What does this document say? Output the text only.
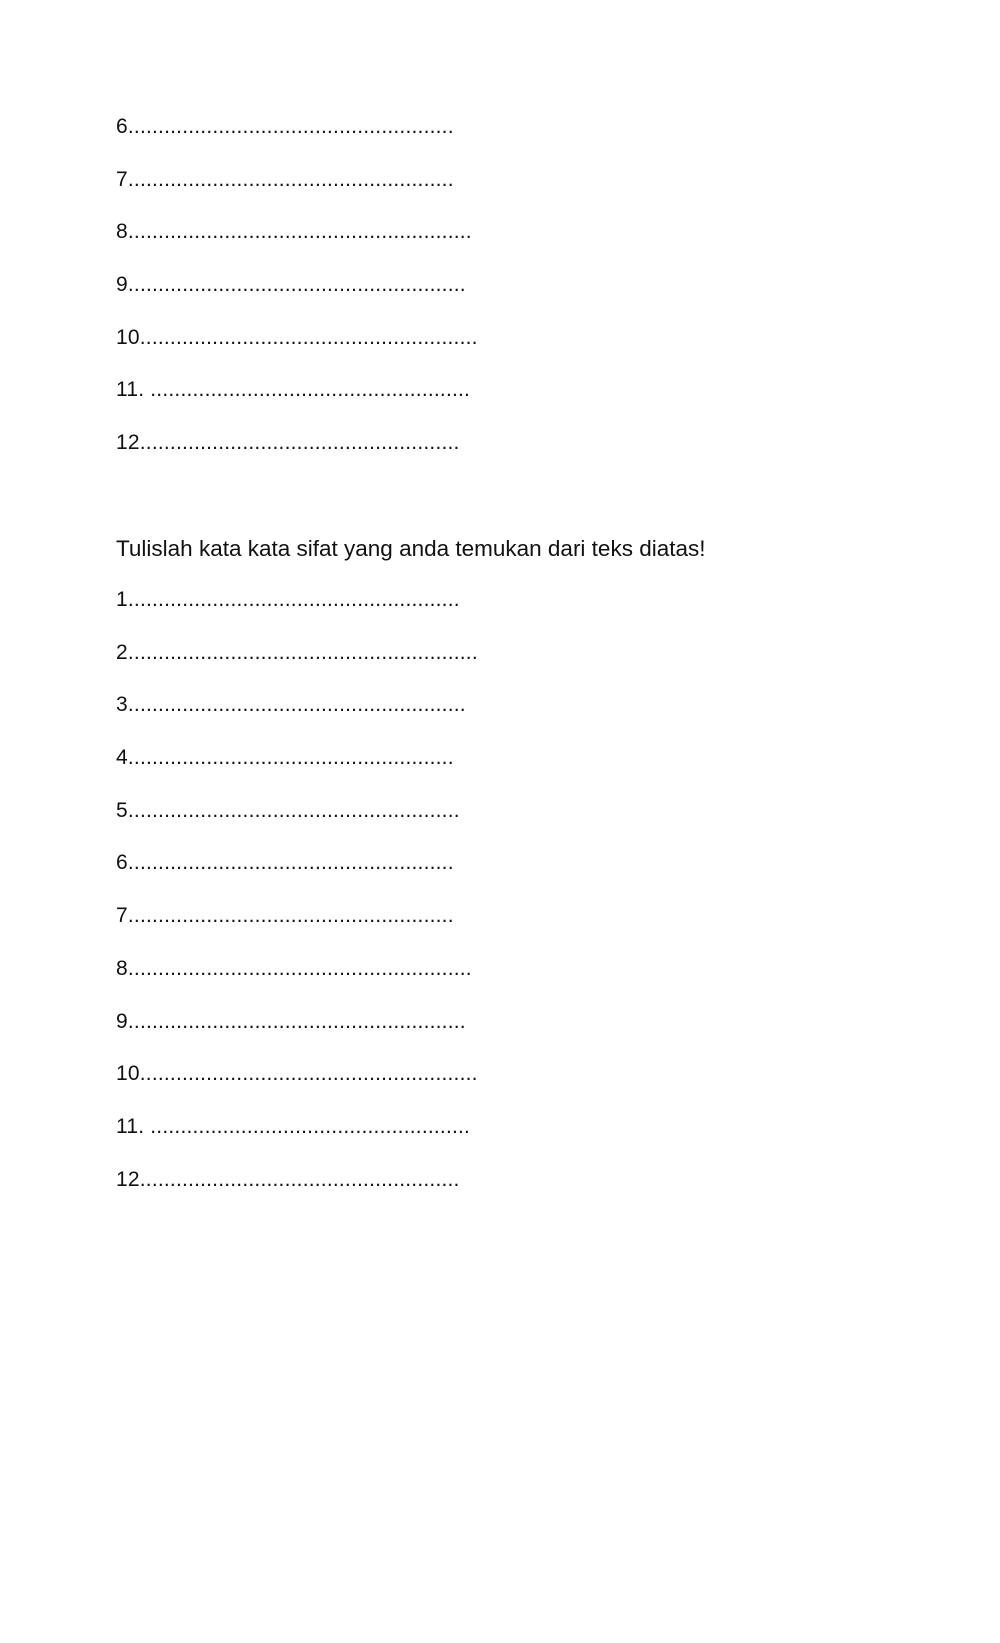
6......................................................
7......................................................
8.........................................................
9........................................................
10........................................................
11. .....................................................
12.....................................................
Tulislah kata kata sifat yang anda temukan dari teks diatas!
1.......................................................
2..........................................................
3........................................................
4......................................................
5.......................................................
6......................................................
7......................................................
8.........................................................
9........................................................
10........................................................
11. .....................................................
12.....................................................
